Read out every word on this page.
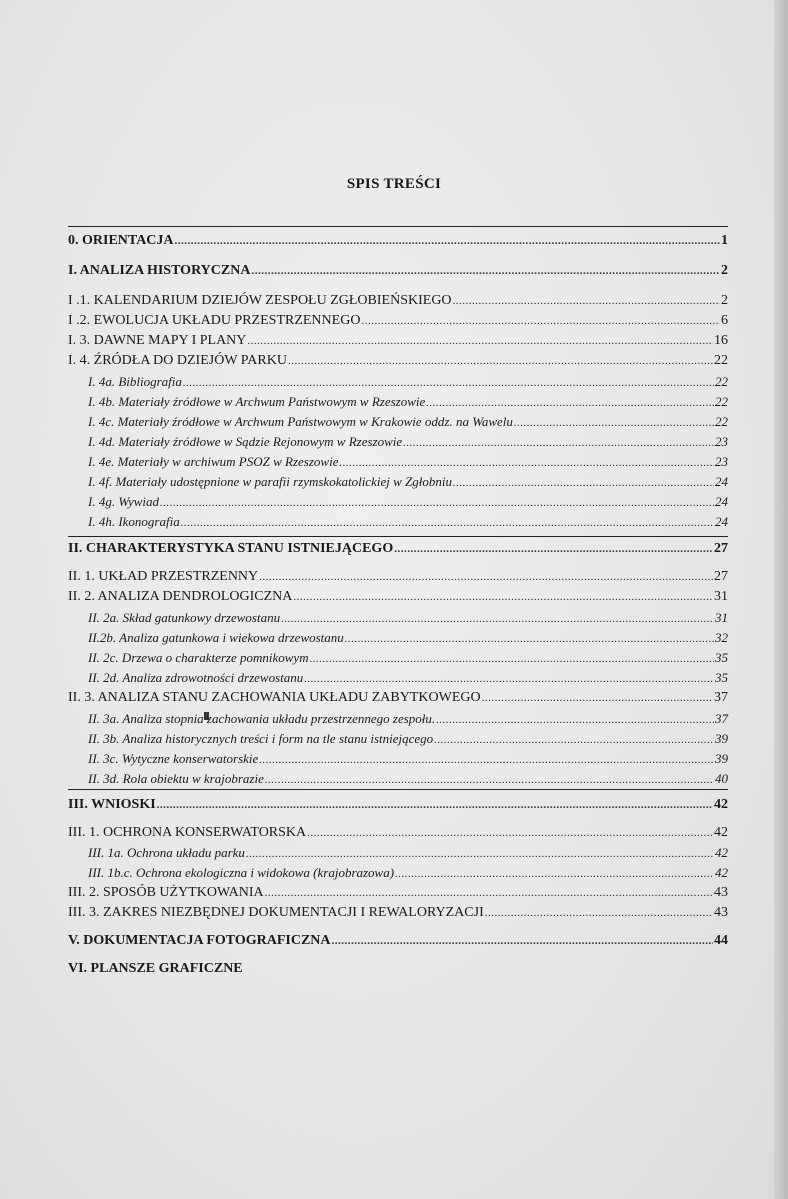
SPIS TREŚCI
0. ORIENTACJA .....	1
I. ANALIZA HISTORYCZNA .....	2
I .1. KALENDARIUM DZIEJÓW ZESPOŁU ZGŁOBIEŃSKIEGO .....	2
I .2. EWOLUCJA UKŁADU PRZESTRZENNEGO .....	6
I. 3. DAWNE MAPY I PLANY .....	16
I. 4. ŹRÓDŁA DO DZIEJÓW PARKU .....	22
I. 4a. Bibliografia .....	22
I. 4b. Materiały źródłowe w Archwum Państwowym w Rzeszowie .....	22
I. 4c. Materiały źródłowe w Archwum Państwowym w Krakowie oddz. na Wawelu .....	22
I. 4d. Materiały źródłowe w Sądzie Rejonowym w Rzeszowie .....	23
I. 4e. Materiały w archiwum PSOZ w Rzeszowie .....	23
I. 4f. Materiały udostępnione w parafii rzymskokatolickiej w Zgłobniu .....	24
I. 4g. Wywiad .....	24
I. 4h. Ikonografia .....	24
II. CHARAKTERYSTYKA STANU ISTNIEJĄCEGO .....	27
II. 1. UKŁAD PRZESTRZENNY .....	27
II. 2. ANALIZA DENDROLOGICZNA .....	31
II. 2a. Skład gatunkowy drzewostanu .....	31
II.2b. Analiza gatunkowa i wiekowa drzewostanu .....	32
II. 2c. Drzewa o charakterze pomnikowym .....	35
II. 2d. Analiza zdrowotności drzewostanu .....	35
II. 3. ANALIZA STANU ZACHOWANIA UKŁADU ZABYTKOWEGO .....	37
II. 3a. Analiza stopnia zachowania układu przestrzennego zespołu. .....	37
II. 3b. Analiza historycznych treści i form na tle stanu istniejącego .....	39
II. 3c. Wytyczne konserwatorskie .....	39
II. 3d. Rola obiektu w krajobrazie .....	40
III. WNIOSKI .....	42
III. 1. OCHRONA KONSERWATORSKA .....	42
III. 1a. Ochrona układu parku .....	42
III. 1b.c. Ochrona ekologiczna i widokowa (krajobrazowa) .....	42
III. 2. SPOSÓB UŻYTKOWANIA .....	43
III. 3. ZAKRES NIEZBĘDNEJ DOKUMENTACJI I REWALORYZACJI .....	43
V. DOKUMENTACJA FOTOGRAFICZNA .....	44
VI. PLANSZE GRAFICZNE
